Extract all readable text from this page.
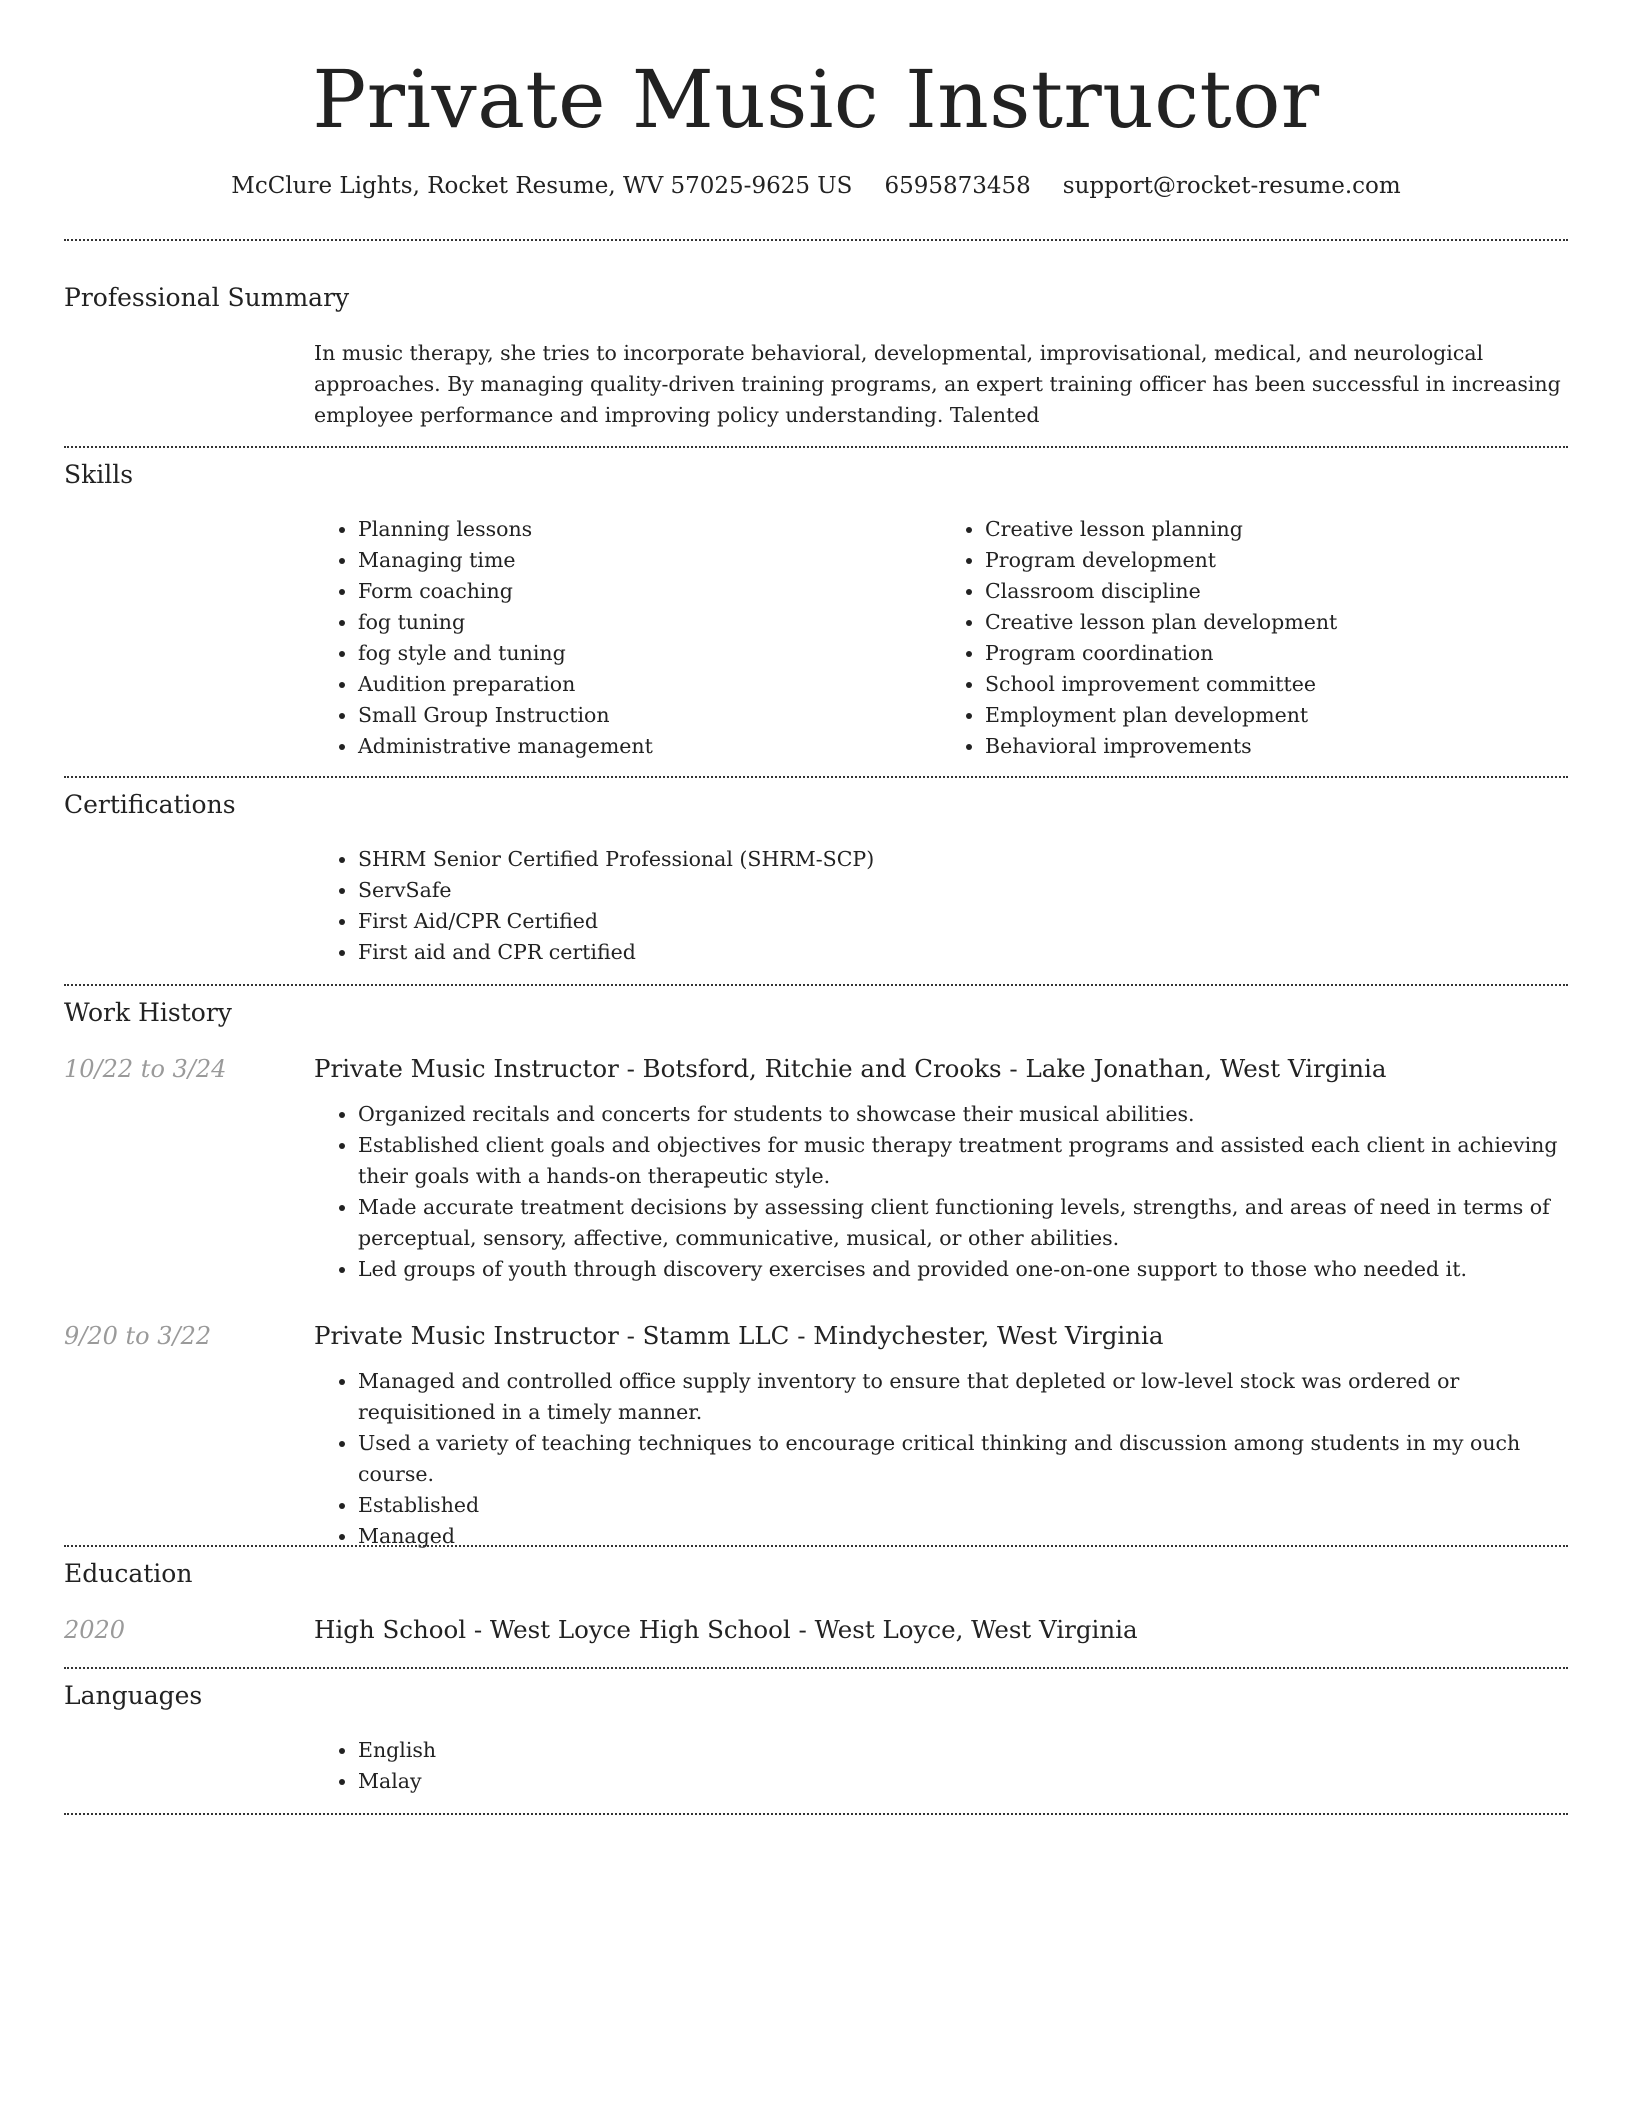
Private Music Instructor
McClure Lights, Rocket Resume, WV 57025-9625 US 6595873458 support@rocket-resume.com
Professional Summary

In music therapy, she tries to incorporate behavioral, developmental, improvisational, medical, and neurological approaches. By managing quality-driven training programs, an expert training officer has been successful in increasing employee performance and improving policy understanding. Talented

Skills
• Planning lessons
• Managing time
• Form coaching
• fog tuning
• fog style and tuning
• Audition preparation
• Small Group Instruction
• Administrative management
• Creative lesson planning
• Program development
• Classroom discipline
• Creative lesson plan development
• Program coordination
• School improvement committee
• Employment plan development
• Behavioral improvements
Certifications
• SHRM Senior Certified Professional (SHRM-SCP)
• ServSafe
• First Aid/CPR Certified
• First aid and CPR certified
Work History
10/22 to 3/24	Private Music Instructor - Botsford, Ritchie and Crooks - Lake Jonathan, West Virginia

• Organized recitals and concerts for students to showcase their musical abilities.
• Established client goals and objectives for music therapy treatment programs and assisted each client in achieving their goals with a hands-on therapeutic style.
• Made accurate treatment decisions by assessing client functioning levels, strengths, and areas of need in terms of perceptual, sensory, affective, communicative, musical, or other abilities.
• Led groups of youth through discovery exercises and provided one-on-one support to those who needed it.
9/20 to 3/22	Private Music Instructor - Stamm LLC - Mindychester, West Virginia

• Managed and controlled office supply inventory to ensure that depleted or low-level stock was ordered or requisitioned in a timely manner.
• Used a variety of teaching techniques to encourage critical thinking and discussion among students in my ouch course.
• Established
• Managed
Education
2020	High School - West Loyce High School - West Loyce, West Virginia

Languages
• English
• Malay
